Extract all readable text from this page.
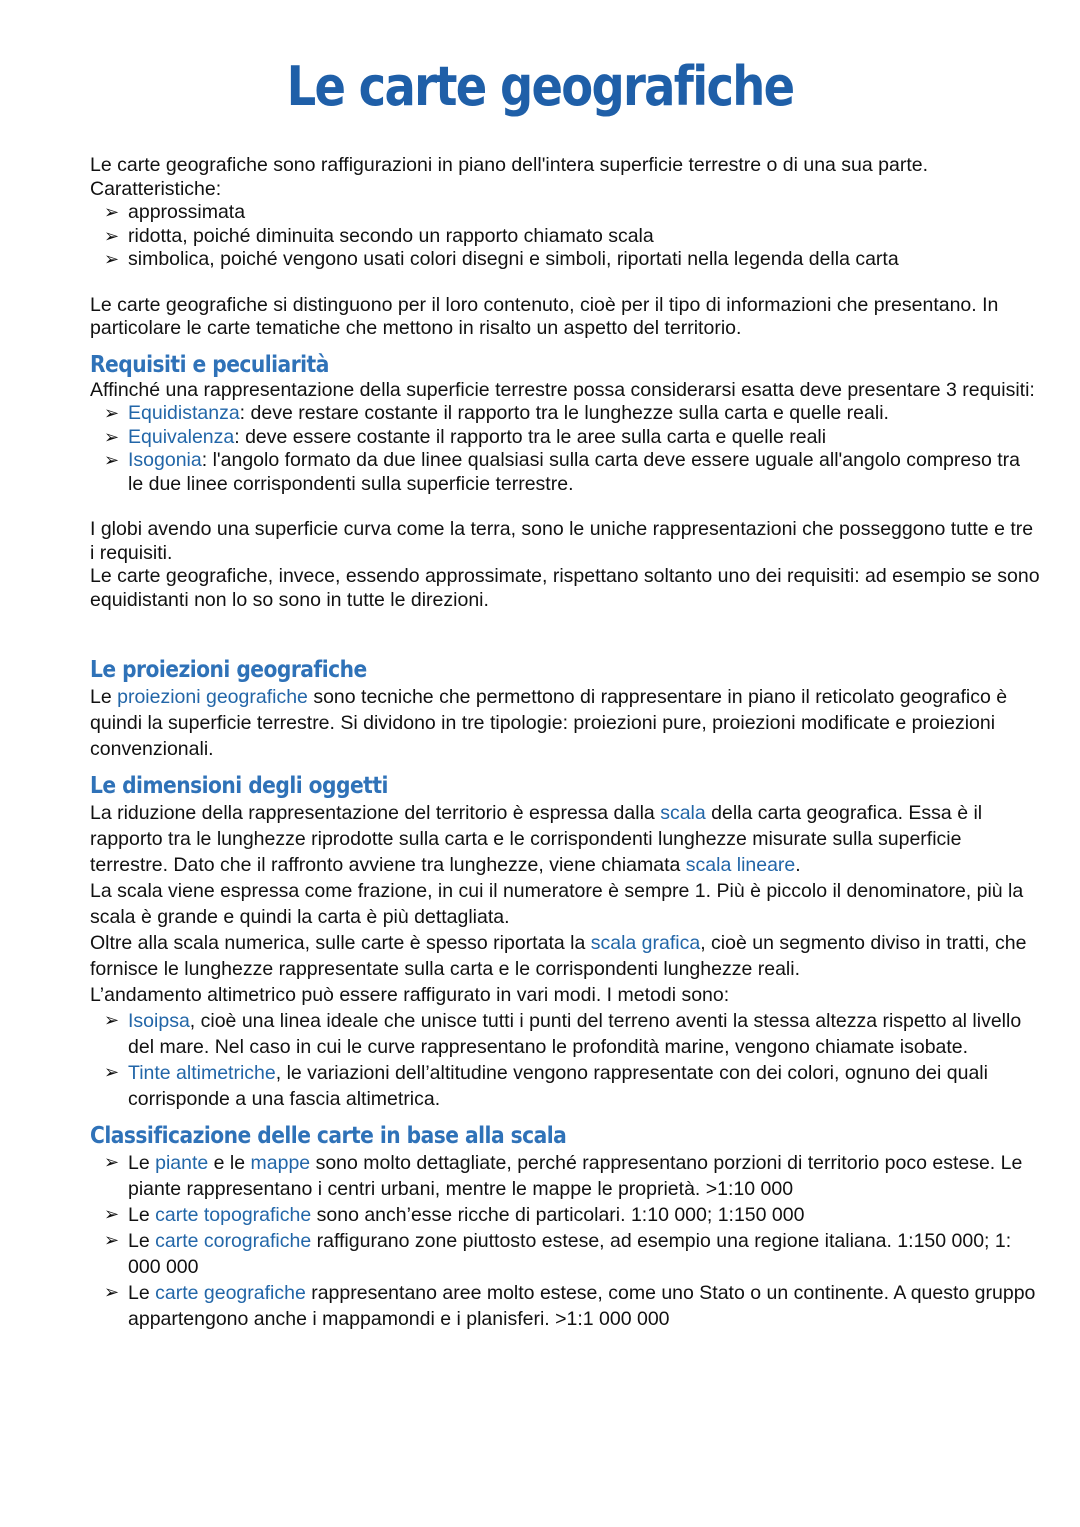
Le carte geografiche

Le carte geografiche sono raffigurazioni in piano dell'intera superficie terrestre o di una sua parte.

Caratteristiche:

➢ approssimata
➢ ridotta, poiché diminuita secondo un rapporto chiamato scala
➢ simbolica, poiché vengono usati colori disegni e simboli, riportati nella legenda della carta

Le carte geografiche si distinguono per il loro contenuto, cioè per il tipo di informazioni che presentano. In particolare le carte tematiche che mettono in risalto un aspetto del territorio.

Requisiti e peculiarità

Affinché una rappresentazione della superficie terrestre possa considerarsi esatta deve presentare 3 requisiti:

➢ Equidistanza: deve restare costante il rapporto tra le lunghezze sulla carta e quelle reali.
➢ Equivalenza: deve essere costante il rapporto tra le aree sulla carta e quelle reali
➢ Isogonia: l'angolo formato da due linee qualsiasi sulla carta deve essere uguale all'angolo compreso tra le due linee corrispondenti sulla superficie terrestre.

I globi avendo una superficie curva come la terra, sono le uniche rappresentazioni che posseggono tutte e tre i requisiti.

Le carte geografiche, invece, essendo approssimate, rispettano soltanto uno dei requisiti: ad esempio se sono equidistanti non lo so sono in tutte le direzioni.

Le proiezioni geografiche

Le proiezioni geografiche sono tecniche che permettono di rappresentare in piano il reticolato geografico è quindi la superficie terrestre. Si dividono in tre tipologie: proiezioni pure, proiezioni modificate e proiezioni convenzionali.

Le dimensioni degli oggetti

La riduzione della rappresentazione del territorio è espressa dalla scala della carta geografica. Essa è il rapporto tra le lunghezze riprodotte sulla carta e le corrispondenti lunghezze misurate sulla superficie terrestre. Dato che il raffronto avviene tra lunghezze, viene chiamata scala lineare.

La scala viene espressa come frazione, in cui il numeratore è sempre 1. Più è piccolo il denominatore, più la scala è grande e quindi la carta è più dettagliata.

Oltre alla scala numerica, sulle carte è spesso riportata la scala grafica, cioè un segmento diviso in tratti, che fornisce le lunghezze rappresentate sulla carta e le corrispondenti lunghezze reali.

L’andamento altimetrico può essere raffigurato in vari modi. I metodi sono:

➢ Isoipsa, cioè una linea ideale che unisce tutti i punti del terreno aventi la stessa altezza rispetto al livello del mare. Nel caso in cui le curve rappresentano le profondità marine, vengono chiamate isobate.
➢ Tinte altimetriche, le variazioni dell’altitudine vengono rappresentate con dei colori, ognuno dei quali corrisponde a una fascia altimetrica.
Classificazione delle carte in base alla scala
➢ Le piante e le mappe sono molto dettagliate, perché rappresentano porzioni di territorio poco estese. Le piante rappresentano i centri urbani, mentre le mappe le proprietà. >1:10 000
➢ Le carte topografiche sono anch’esse ricche di particolari. 1:10 000; 1:150 000
➢ Le carte corografiche raffigurano zone piuttosto estese, ad esempio una regione italiana. 1:150 000; 1: 000 000
➢ Le carte geografiche rappresentano aree molto estese, come uno Stato o un continente. A questo gruppo appartengono anche i mappamondi e i planisferi. >1:1 000 000
